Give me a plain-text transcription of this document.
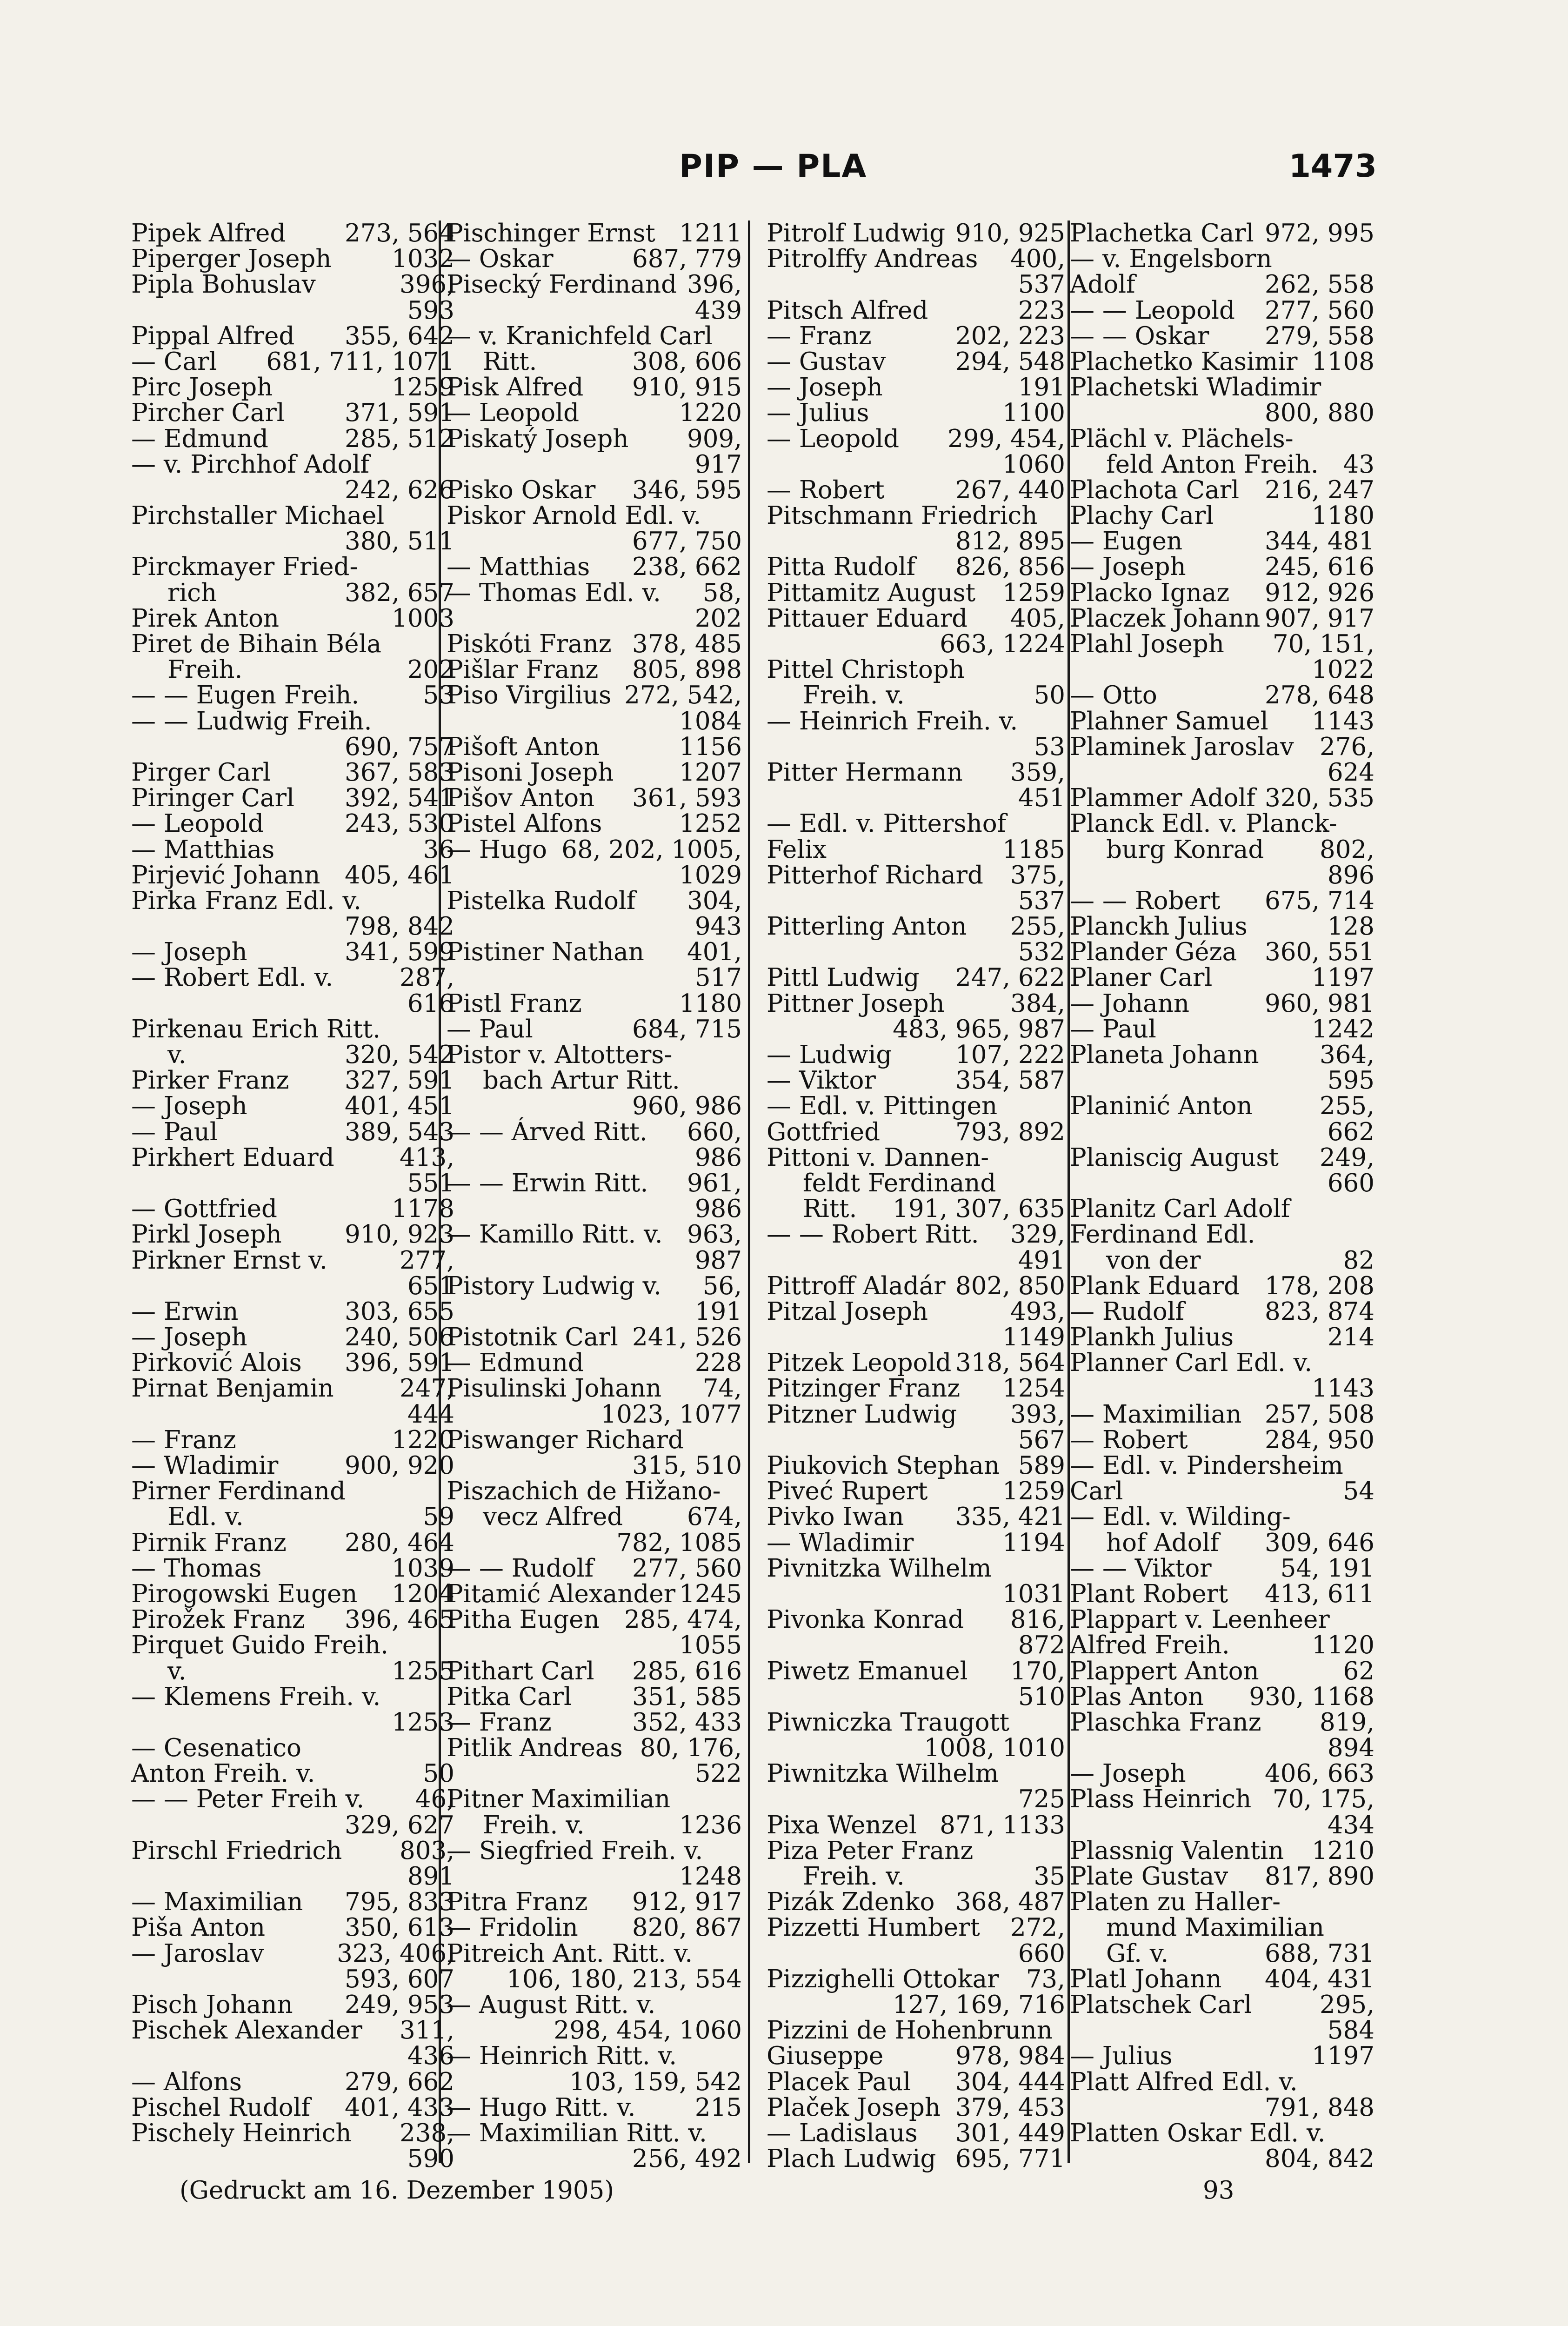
PIP — PLA	1473
Pipek Alfred 273, 564
Piperger Joseph 1032
Pipla Bohuslav	396,
593
Pippal Alfred 355, 642
— Carl 681, 711, 1071
Pirc Joseph	1259
Pircher Carl 371, 591
— Edmund	285, 512
— v. Pirchhof Adolf
242, 626
Pirchstaller Michael
380, 511
Pirckmayer Fried-
rich	382, 657
Pirek Anton	1003
Piret de Bihain Béla
Freih.	202
— — Eugen Freih.	53
— — Ludwig Freih.
690, 757
Pirger Carl	367, 583
Piringer Carl 392, 541
— Leopold	243, 530
— Matthias	36
Pirjević Johann 405, 461
Pirka Franz Edl. v.
798, 842
— Joseph	341, 599
— Robert Edl. v.	287,
616
Pirkenau Erich Ritt.
v.	320, 542
Pirker Franz 327, 591
— Joseph	401, 451
— Paul	389, 543
Pirkhert Eduard	413,
551
— Gottfried	1178
Pirkl Joseph	910, 923
Pirkner Ernst v.	277,
651
— Erwin	303, 655
— Joseph	240, 506
Pirković Alois 396, 591
Pirnat Benjamin	247,
444
— Franz	1220
— Wladimir	900, 920
Pirner Ferdinand
Edl. v.	59
Pirnik Franz 280, 464
— Thomas	1039
Pirogowski Eugen 1204
Pirožek Franz 396, 465
Pirquet Guido Freih.
v.	1255
— Klemens Freih. v.
1253
— Cesenatico
Anton Freih. v.	50
— — Peter Freih v. 46,
329, 627
Pirschl Friedrich 803,
891
— Maximilian 795, 833
Piša Anton	350, 613
— Jaroslav	323, 406,
593, 607
Pisch Johann 249, 953
Pischek Alexander 311,
436
— Alfons	279, 662
Pischel Rudolf 401, 433
Pischely Heinrich 238,
590
Pischinger Ernst 1211
— Oskar	687, 779
Pisecký Ferdinand 396,
439
— v. Kranichfeld Carl
Ritt.	308, 606
Pisk Alfred 910, 915
— Leopold	1220
Piskatý Joseph 909,
917
Pisko Oskar 346, 595
Piskor Arnold Edl. v.
677, 750
— Matthias 238, 662
— Thomas Edl. v. 58,
202
Piskóti Franz 378, 485
Pišlar Franz 805, 898
Piso Virgilius 272, 542,
1084
Pišoft Anton	1156
Pisoni Joseph	1207
Pišov Anton 361, 593
Pistel Alfons	1252
— Hugo 68, 202, 1005,
1029
Pistelka Rudolf 304,
943
Pistiner Nathan 401,
517
Pistl Franz	1180
— Paul	684, 715
Pistor v. Altotters-
bach Artur Ritt.
960, 986
— — Árved Ritt. 660,
986
— — Erwin Ritt. 961,
986
— Kamillo Ritt. v. 963,
987
Pistory Ludwig v. 56,
191
Pistotnik Carl 241, 526
— Edmund	228
Pisulinski Johann 74,
1023, 1077
Piswanger Richard
315, 510
Piszachich de Hižano-
vecz Alfred	674,
782, 1085
— — Rudolf 277, 560
Pitamić Alexander 1245
Pitha Eugen 285, 474,
1055
Pithart Carl 285, 616
Pitka Carl 351, 585
— Franz	352, 433
Pitlik Andreas 80, 176,
522
Pitner Maximilian
Freih. v.	1236
— Siegfried Freih. v.
1248
Pitra Franz 912, 917
— Fridolin 820, 867
Pitreich Ant. Ritt. v.
106, 180, 213, 554
— August Ritt. v.
298, 454, 1060
— Heinrich Ritt. v.
103, 159, 542
— Hugo Ritt. v. 215
— Maximilian Ritt. v.
256, 492
Pitrolf Ludwig 910, 925
Pitrolffy Andreas 400,
537
Pitsch Alfred	223
— Franz	202, 223
— Gustav	294, 548
— Joseph	191
— Julius	1100
— Leopold 299, 454,
1060
— Robert	267, 440
Pitschmann Friedrich
812, 895
Pitta Rudolf 826, 856
Pittamitz August 1259
Pittauer Eduard 405,
663, 1224
Pittel Christoph
Freih. v.	50
— Heinrich Freih. v.
53
Pitter Hermann 359,
451
— Edl. v. Pittershof
Felix	1185
Pitterhof Richard 375,
537
Pitterling Anton 255,
532
Pittl Ludwig 247, 622
Pittner Joseph	384,
483, 965, 987
— Ludwig	107, 222
— Viktor	354, 587
— Edl. v. Pittingen
Gottfried	793, 892
Pittoni v. Dannen-
feldt Ferdinand
Ritt. 191, 307, 635
— — Robert Ritt. 329,
491
Pittroff Aladár 802, 850
Pitzal Joseph	493,
1149
Pitzek Leopold 318, 564
Pitzinger Franz 1254
Pitzner Ludwig 393,
567
Piukovich Stephan 589
Piveć Rupert	1259
Pivko Iwan 335, 421
— Wladimir	1194
Pivnitzka Wilhelm
1031
Pivonka Konrad 816,
872
Piwetz Emanuel 170,
510
Piwniczka Traugott
1008, 1010
Piwnitzka Wilhelm
725
Pixa Wenzel 871, 1133
Piza Peter Franz
Freih. v.	35
Pizák Zdenko 368, 487
Pizzetti Humbert 272,
660
Pizzighelli Ottokar 73,
127, 169, 716
Pizzini de Hohenbrunn
Giuseppe	978, 984
Placek Paul 304, 444
Plaček Joseph 379, 453
— Ladislaus 301, 449
Plach Ludwig 695, 771
Plachetka Carl 972, 995
— v. Engelsborn
Adolf	262, 558
— — Leopold 277, 560
— — Oskar 279, 558
Plachetko Kasimir 1108
Plachetski Wladimir
800, 880
Plächl v. Plächels-
feld Anton Freih. 43
Plachota Carl 216, 247
Plachy Carl	1180
— Eugen	344, 481
— Joseph	245, 616
Placko Ignaz 912, 926
Placzek Johann 907, 917
Plahl Joseph 70, 151,
1022
— Otto	278, 648
Plahner Samuel 1143
Plaminek Jaroslav 276,
624
Plammer Adolf 320, 535
Planck Edl. v. Planck-
burg Konrad 802,
896
— — Robert 675, 714
Planckh Julius	128
Plander Géza 360, 551
Planer Carl	1197
— Johann	960, 981
— Paul	1242
Planeta Johann 364,
595
Planinić Anton	255,
662
Planiscig August 249,
660
Planitz Carl Adolf
Ferdinand Edl.
von der	82
Plank Eduard 178, 208
— Rudolf	823, 874
Plankh Julius	214
Planner Carl Edl. v.
1143
— Maximilian 257, 508
— Robert	284, 950
— Edl. v. Pindersheim
Carl	54
— Edl. v. Wilding-
hof Adolf 309, 646
— — Viktor	54, 191
Plant Robert 413, 611
Plappart v. Leenheer
Alfred Freih.	1120
Plappert Anton	62
Plas Anton 930, 1168
Plaschka Franz 819,
894
— Joseph	406, 663
Plass Heinrich 70, 175,
434
Plassnig Valentin 1210
Plate Gustav 817, 890
Platen zu Haller-
mund Maximilian
Gf. v.	688, 731
Platl Johann 404, 431
Platschek Carl	295,
584
— Julius	1197
Platt Alfred Edl. v.
791, 848
Platten Oskar Edl. v.
804, 842
(Gedruckt am 16. Dezember 1905)	93
